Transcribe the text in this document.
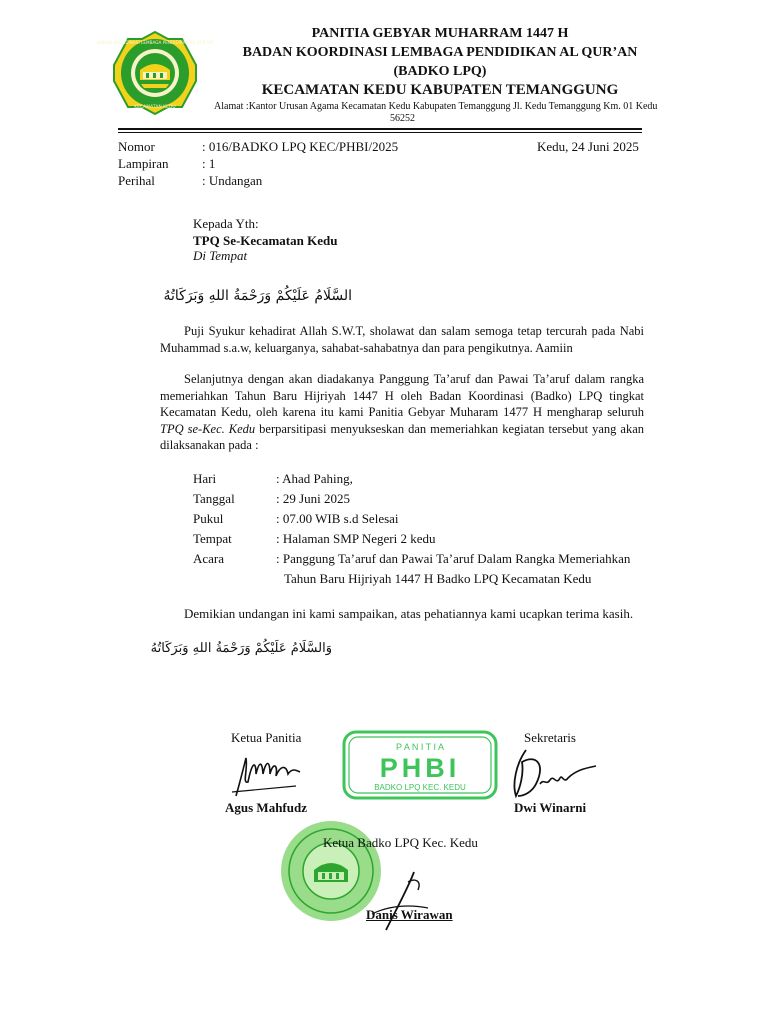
BADAN KOORDINASI LEMBAGA PENDIDIKAN AL QUR'AN
KECAMATAN KEDU
PANITIA GEBYAR MUHARRAM 1447 H
BADAN KOORDINASI LEMBAGA PENDIDIKAN AL QUR’AN
(BADKO LPQ)
KECAMATAN KEDU KABUPATEN TEMANGGUNG
Alamat :Kantor Urusan Agama Kecamatan Kedu Kabupaten Temanggung Jl. Kedu Temanggung Km. 01 Kedu
56252
Nomor	: 016/BADKO LPQ KEC/PHBI/2025	Kedu, 24 Juni 2025
Lampiran	: 1
Perihal	: Undangan
Kepada Yth:
TPQ Se-Kecamatan Kedu
Di Tempat
السَّلَامُ عَلَيْكُمْ وَرَحْمَةُ اللهِ وَبَرَكَاتُهُ
Puji Syukur kehadirat Allah S.W.T, sholawat dan salam semoga tetap tercurah pada Nabi Muhammad s.a.w, keluarganya, sahabat-sahabatnya dan para pengikutnya. Aamiin
Selanjutnya dengan akan diadakanya Panggung Ta’aruf dan Pawai Ta’aruf dalam rangka memeriahkan Tahun Baru Hijriyah 1447 H oleh Badan Koordinasi (Badko) LPQ tingkat Kecamatan Kedu, oleh karena itu kami Panitia Gebyar Muharam 1477 H mengharap seluruh TPQ se-Kec. Kedu berparsitipasi menyukseskan dan memeriahkan kegiatan tersebut yang akan dilaksanakan pada :
Hari	: Ahad Pahing,
Tanggal	: 29 Juni 2025
Pukul	: 07.00 WIB s.d Selesai
Tempat	: Halaman SMP Negeri 2 kedu
Acara	: Panggung Ta’aruf dan Pawai Ta’aruf Dalam Rangka Memeriahkan
Tahun Baru Hijriyah 1447 H Badko LPQ Kecamatan Kedu
Demikian undangan ini kami sampaikan, atas pehatiannya kami ucapkan terima kasih.
وَالسَّلَامُ عَلَيْكُمْ وَرَحْمَةُ اللهِ وَبَرَكَاتُهُ
Ketua Panitia
Agus Mahfudz
Sekretaris
Dwi Winarni
P A N I T I A
PHBI
BADKO LPQ KEC. KEDU
Ketua Badko LPQ Kec. Kedu
Danis Wirawan
